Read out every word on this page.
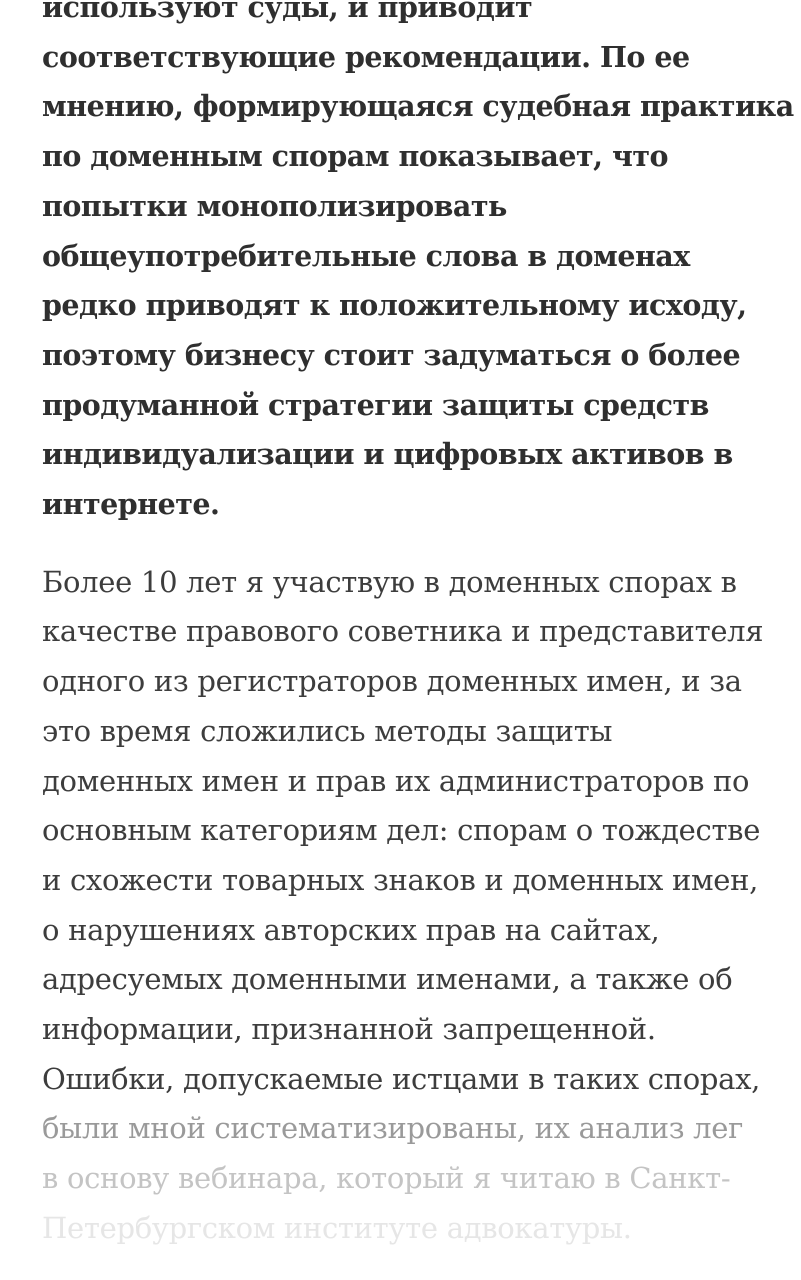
используют суды, и приводит
соответствующие рекомендации. По ее
мнению, формирующаяся судебная практика
по доменным спорам показывает, что
попытки монополизировать
общеупотребительные слова в доменах
редко приводят к положительному исходу,
поэтому бизнесу стоит задуматься о более
продуманной стратегии защиты средств
индивидуализации и цифровых активов в
интернете.

Более 10 лет я участвую в доменных спорах в
качестве правового советника и представителя
одного из регистраторов доменных имен, и за
это время сложились методы защиты
доменных имен и прав их администраторов по
основным категориям дел: спорам о тождестве
и схожести товарных знаков и доменных имен,
о нарушениях авторских прав на сайтах,
адресуемых доменными именами, а также об
информации, признанной запрещенной.
Ошибки, допускаемые истцами в таких спорах,
были мной систематизированы, их анализ лег
в основу вебинара, который я читаю в Санкт-
Петербургском институте адвокатуры.
